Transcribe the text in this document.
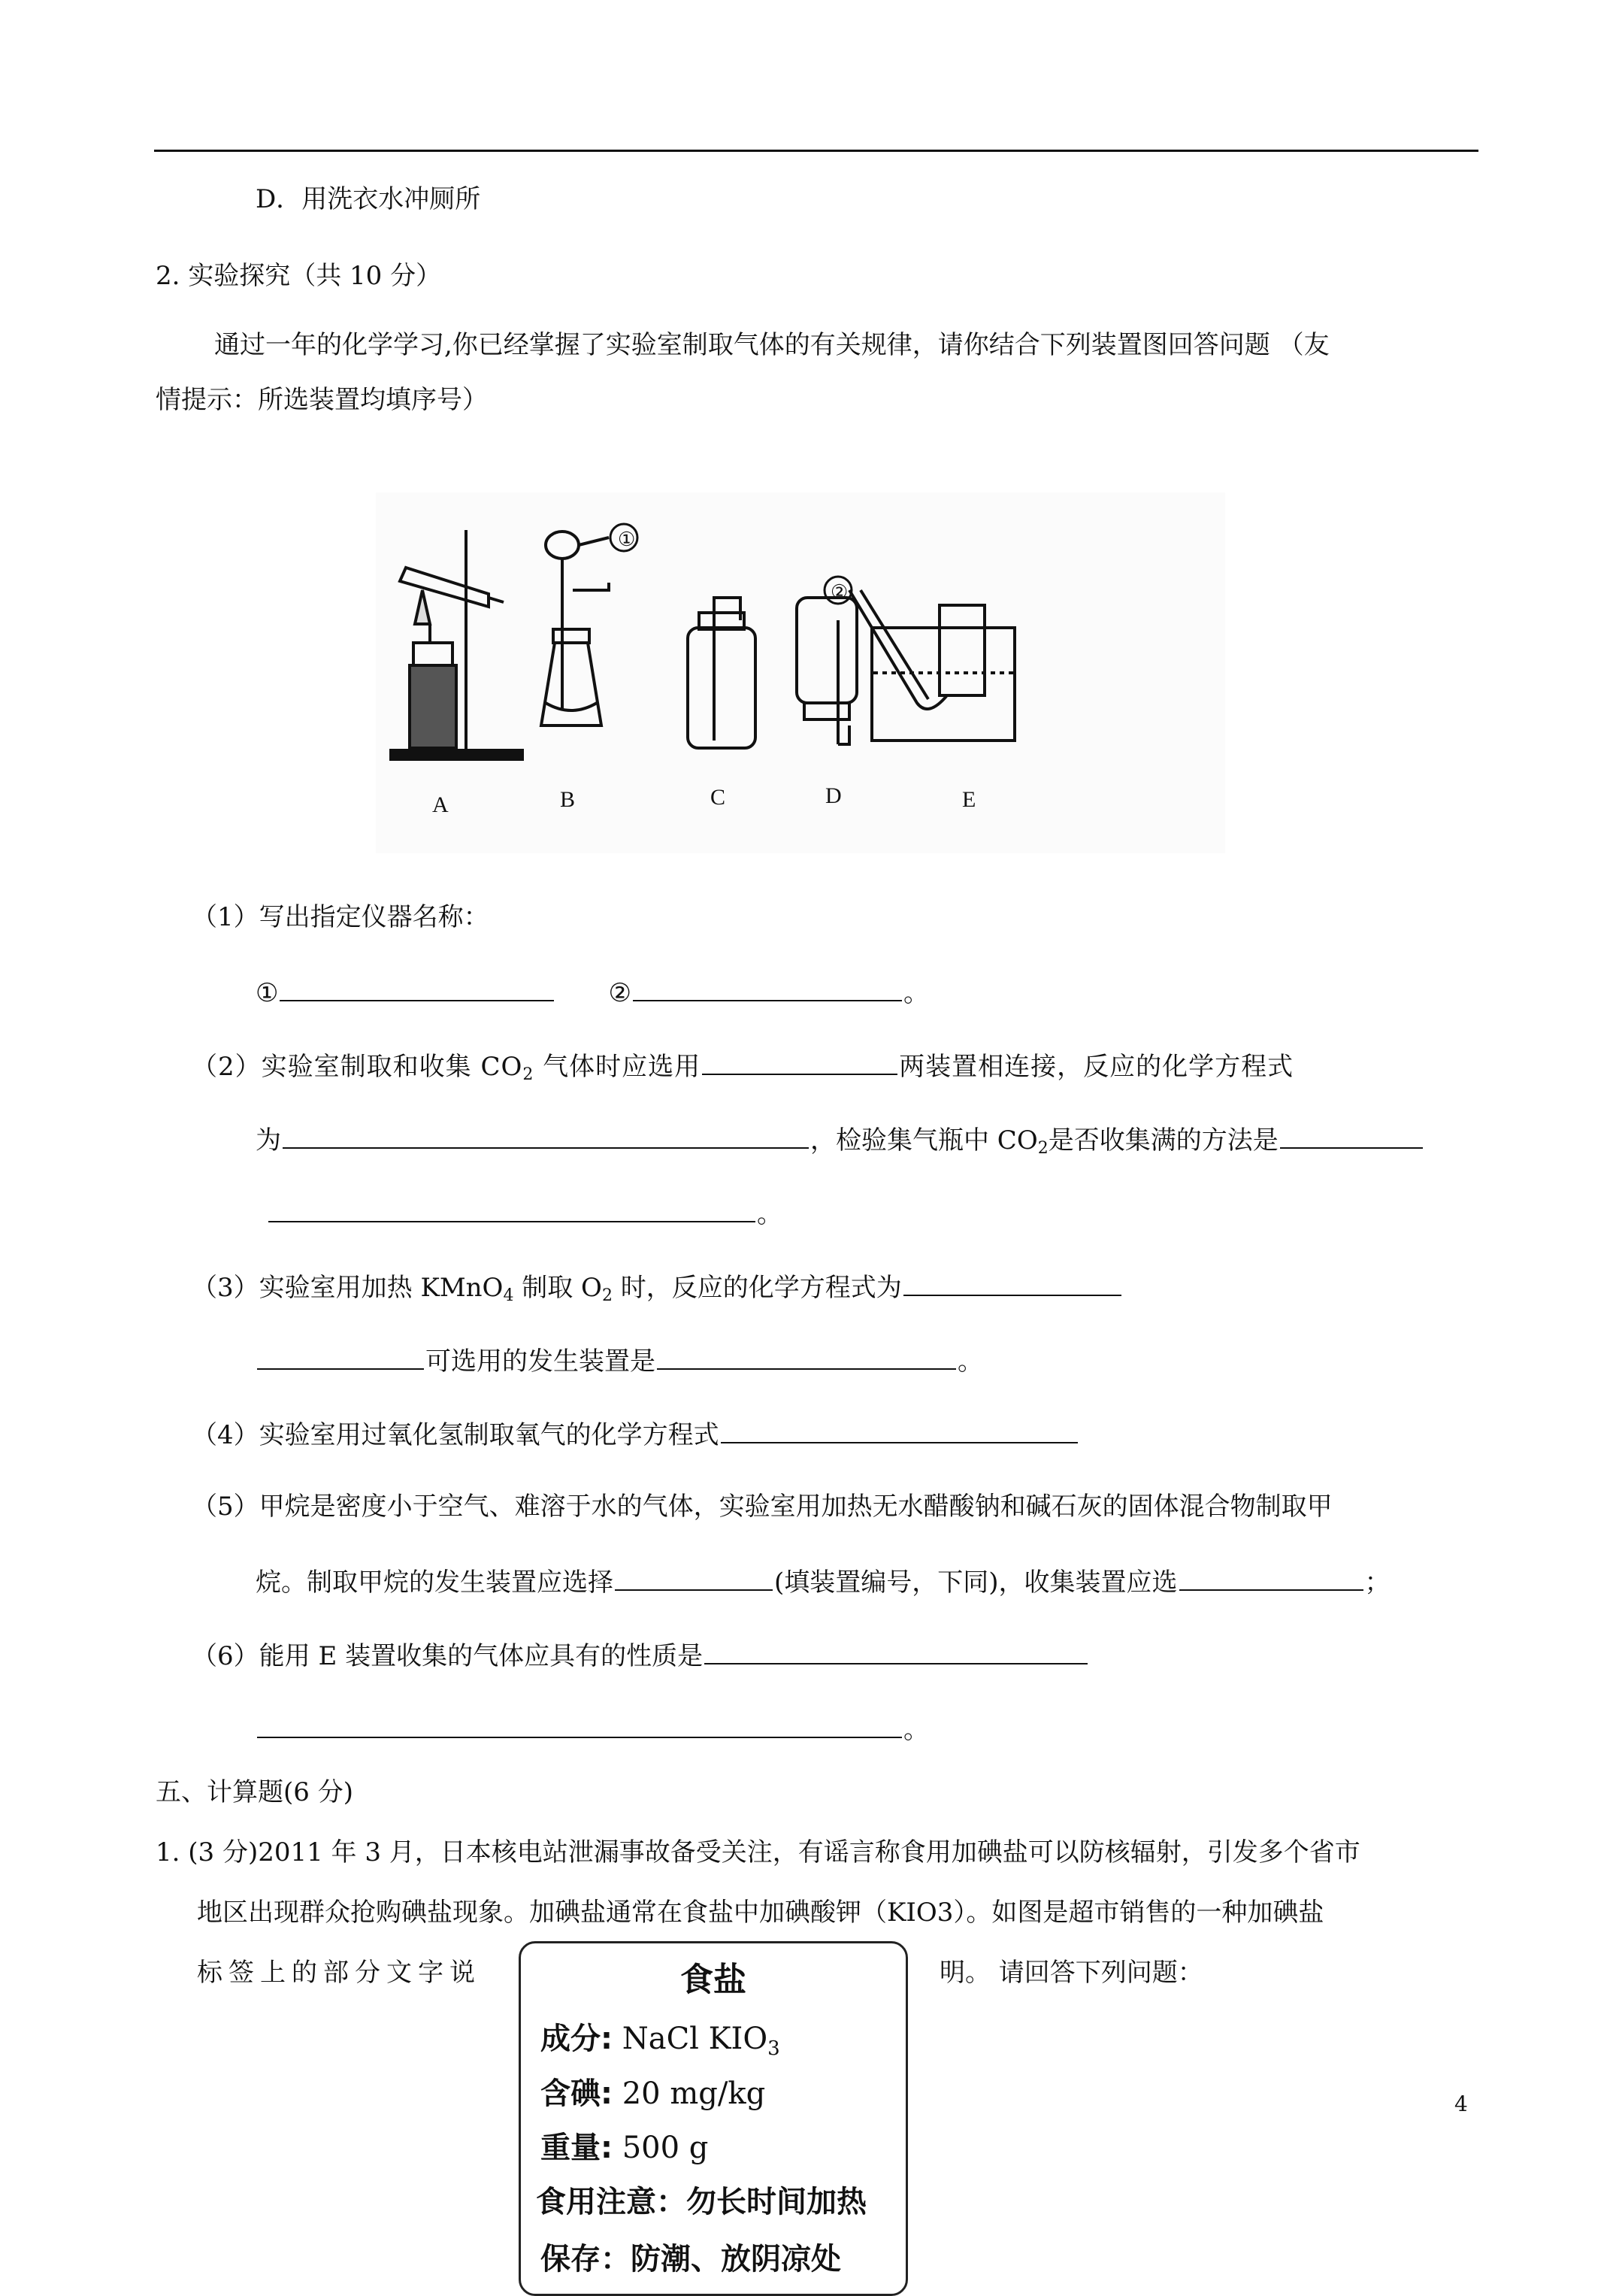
D．用洗衣水冲厕所
2. 实验探究（共 10 分）
通过一年的化学学习,你已经掌握了实验室制取气体的有关规律，请你结合下列装置图回答问题 （友
情提示：所选装置均填序号）
①
②
A	B	C	D	E
（1）写出指定仪器名称：
①	②	。
（2）实验室制取和收集 $CO_2$ 气体时应选用	两装置相连接，反应的化学方程式
为	，检验集气瓶中 $CO_2$是否收集满的方法是
。
（3）实验室用加热 KMnO$_4$ 制取 $O_2$ 时，反应的化学方程式为
可选用的发生装置是	。
（4）实验室用过氧化氢制取氧气的化学方程式
（5）甲烷是密度小于空气、难溶于水的气体，实验室用加热无水醋酸钠和碱石灰的固体混合物制取甲
烷。制取甲烷的发生装置应选择	(填装置编号，下同)，收集装置应选	；
（6）能用 E 装置收集的气体应具有的性质是
。
五、计算题(6 分)
1. (3 分)2011 年 3 月，日本核电站泄漏事故备受关注，有谣言称食用加碘盐可以防核辐射，引发多个省市
地区出现群众抢购碘盐现象。加碘盐通常在食盐中加碘酸钾（KIO3）。如图是超市销售的一种加碘盐
标签上的部分文字说	明。 请回答下列问题：
食盐
成分: NaCl $KIO_3$
含碘: 20 mg/kg
重量: 500 g
食用注意：勿长时间加热
保存：防潮、放阴凉处
4
